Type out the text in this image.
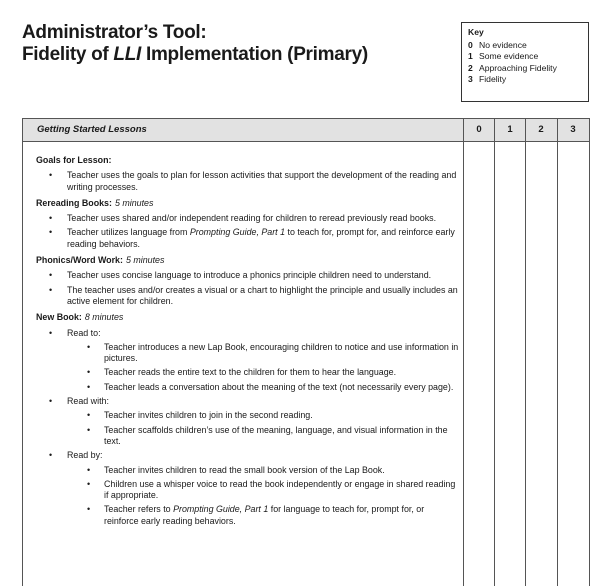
Administrator’s Tool:
Fidelity of LLI Implementation (Primary)
Key
0 No evidence
1 Some evidence
2 Approaching Fidelity
3 Fidelity
Getting Started Lessons	0	1	2	3
Goals for Lesson:
• Teacher uses the goals to plan for lesson activities that support the development of the reading and writing processes.
Rereading Books: 5 minutes
• Teacher uses shared and/or independent reading for children to reread previously read books.
• Teacher utilizes language from Prompting Guide, Part 1 to teach for, prompt for, and reinforce early reading behaviors.
Phonics/Word Work: 5 minutes
• Teacher uses concise language to introduce a phonics principle children need to understand.
• The teacher uses and/or creates a visual or a chart to highlight the principle and usually includes an active element for children.
New Book: 8 minutes
• Read to:
• Teacher introduces a new Lap Book, encouraging children to notice and use information in pictures.
• Teacher reads the entire text to the children for them to hear the language.
• Teacher leads a conversation about the meaning of the text (not necessarily every page).
• Read with:
• Teacher invites children to join in the second reading.
• Teacher scaffolds children’s use of the meaning, language, and visual information in the text.
• Read by:
• Teacher invites children to read the small book version of the Lap Book.
• Children use a whisper voice to read the book independently or engage in shared reading if appropriate.
• Teacher refers to Prompting Guide, Part 1 for language to teach for, prompt for, or reinforce early reading behaviors.
